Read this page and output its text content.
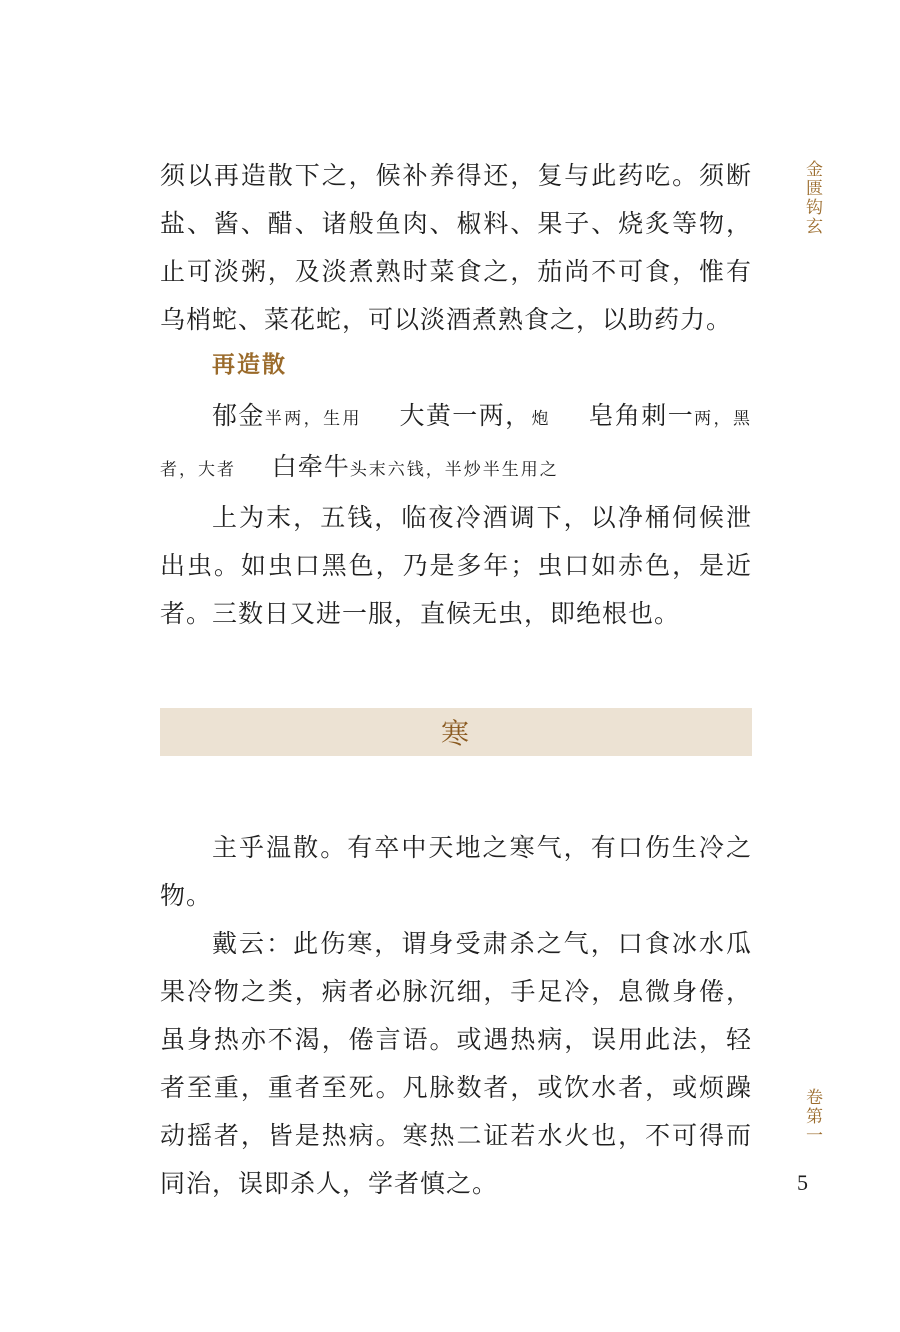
金匮钩玄
卷第一
5

须以再造散下之，候补养得还，复与此药吃。须断盐、酱、醋、诸般鱼肉、椒料、果子、烧炙等物，止可淡粥，及淡煮熟时菜食之，茄尚不可食，惟有乌梢蛇、菜花蛇，可以淡酒煮熟食之，以助药力。

再造散

郁金半两，生用 大黄一两，炮 皂角刺一两，黑者，大者 白牵牛头末六钱，半炒半生用之

上为末，五钱，临夜冷酒调下，以净桶伺候泄出虫。如虫口黑色，乃是多年；虫口如赤色，是近者。三数日又进一服，直候无虫，即绝根也。

寒

主乎温散。有卒中天地之寒气，有口伤生冷之物。

戴云：此伤寒，谓身受肃杀之气，口食冰水瓜果冷物之类，病者必脉沉细，手足冷，息微身倦，虽身热亦不渴，倦言语。或遇热病，误用此法，轻者至重，重者至死。凡脉数者，或饮水者，或烦躁动摇者，皆是热病。寒热二证若水火也，不可得而同治，误即杀人，学者慎之。
